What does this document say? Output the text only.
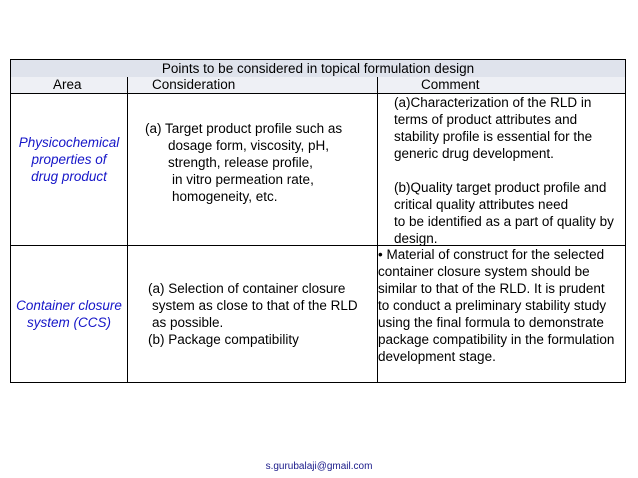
Points to be considered in topical formulation design
Area	Consideration	Comment
Physicochemical
properties of
drug product
(a) Target product profile such as
dosage form, viscosity, pH,
strength, release profile,
in vitro permeation rate,
homogeneity, etc.
(a)Characterization of the RLD in
terms of product attributes and
stability profile is essential for the
generic drug development.
(b)Quality target product profile and
critical quality attributes need
to be identified as a part of quality by
design.
Container closure
system (CCS)
(a) Selection of container closure
system as close to that of the RLD
as possible.
(b) Package compatibility
• Material of construct for the selected
container closure system should be
similar to that of the RLD. It is prudent
to conduct a preliminary stability study
using the final formula to demonstrate
package compatibility in the formulation
development stage.
s.gurubalaji@gmail.com
